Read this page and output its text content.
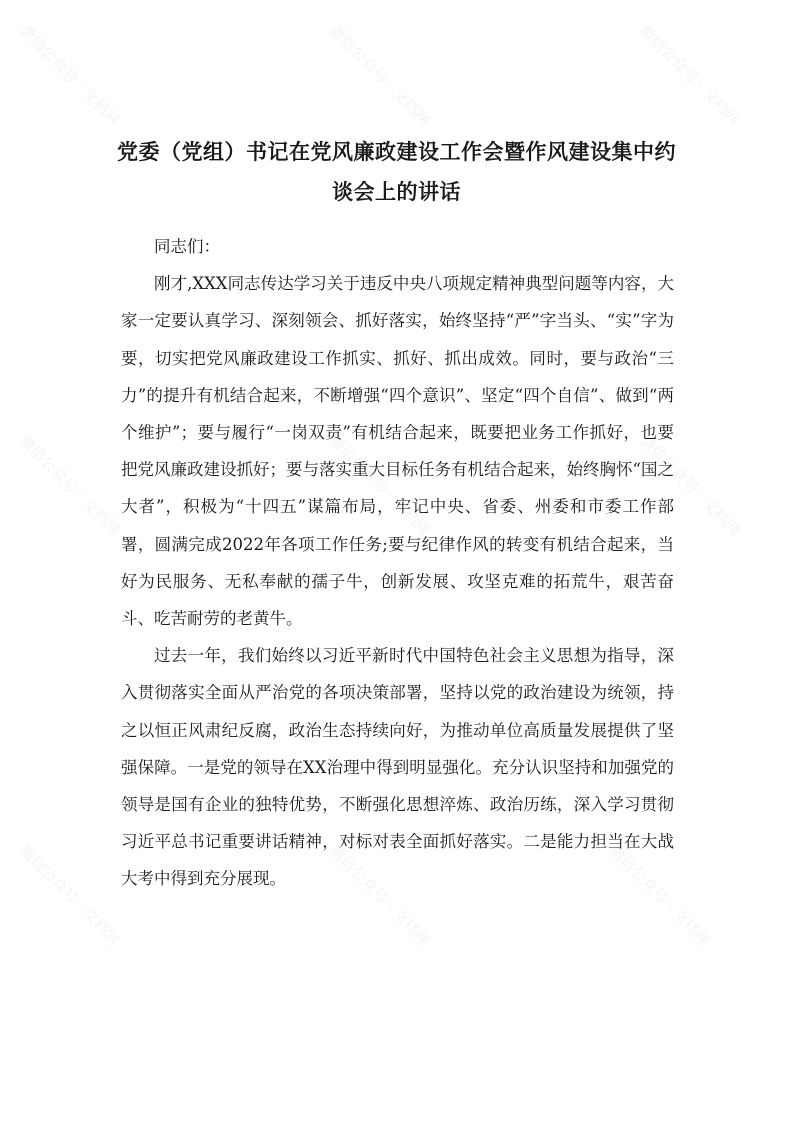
微信公众号 · 文档网	微信公众号 · 文档网	微信公众号 · 文档网
微信公众号 · 文档网	微信公众号 · 文档网	微信公众号 · 文档网
微信公众号 · 文档网	微信公众号 · 文档网	微信公众号 · 文档网
党委（党组）书记在党风廉政建设工作会暨作风建设集中约
谈会上的讲话

同志们：

刚才,XXX同志传达学习关于违反中央八项规定精神典型问题等内容，大家一定要认真学习、深刻领会、抓好落实，始终坚持“严”字当头、“实”字为要，切实把党风廉政建设工作抓实、抓好、抓出成效。同时，要与政治“三力”的提升有机结合起来，不断增强“四个意识”、坚定“四个自信”、做到“两个维护”；要与履行“一岗双责”有机结合起来，既要把业务工作抓好，也要把党风廉政建设抓好；要与落实重大目标任务有机结合起来，始终胸怀“国之大者”，积极为“十四五”谋篇布局，牢记中央、省委、州委和市委工作部署，圆满完成2022年各项工作任务;要与纪律作风的转变有机结合起来，当好为民服务、无私奉献的孺子牛，创新发展、攻坚克难的拓荒牛，艰苦奋斗、吃苦耐劳的老黄牛。

过去一年，我们始终以习近平新时代中国特色社会主义思想为指导，深入贯彻落实全面从严治党的各项决策部署，坚持以党的政治建设为统领，持之以恒正风肃纪反腐，政治生态持续向好，为推动单位高质量发展提供了坚强保障。一是党的领导在XX治理中得到明显强化。充分认识坚持和加强党的领导是国有企业的独特优势，不断强化思想淬炼、政治历练，深入学习贯彻习近平总书记重要讲话精神，对标对表全面抓好落实。二是能力担当在大战大考中得到充分展现。
